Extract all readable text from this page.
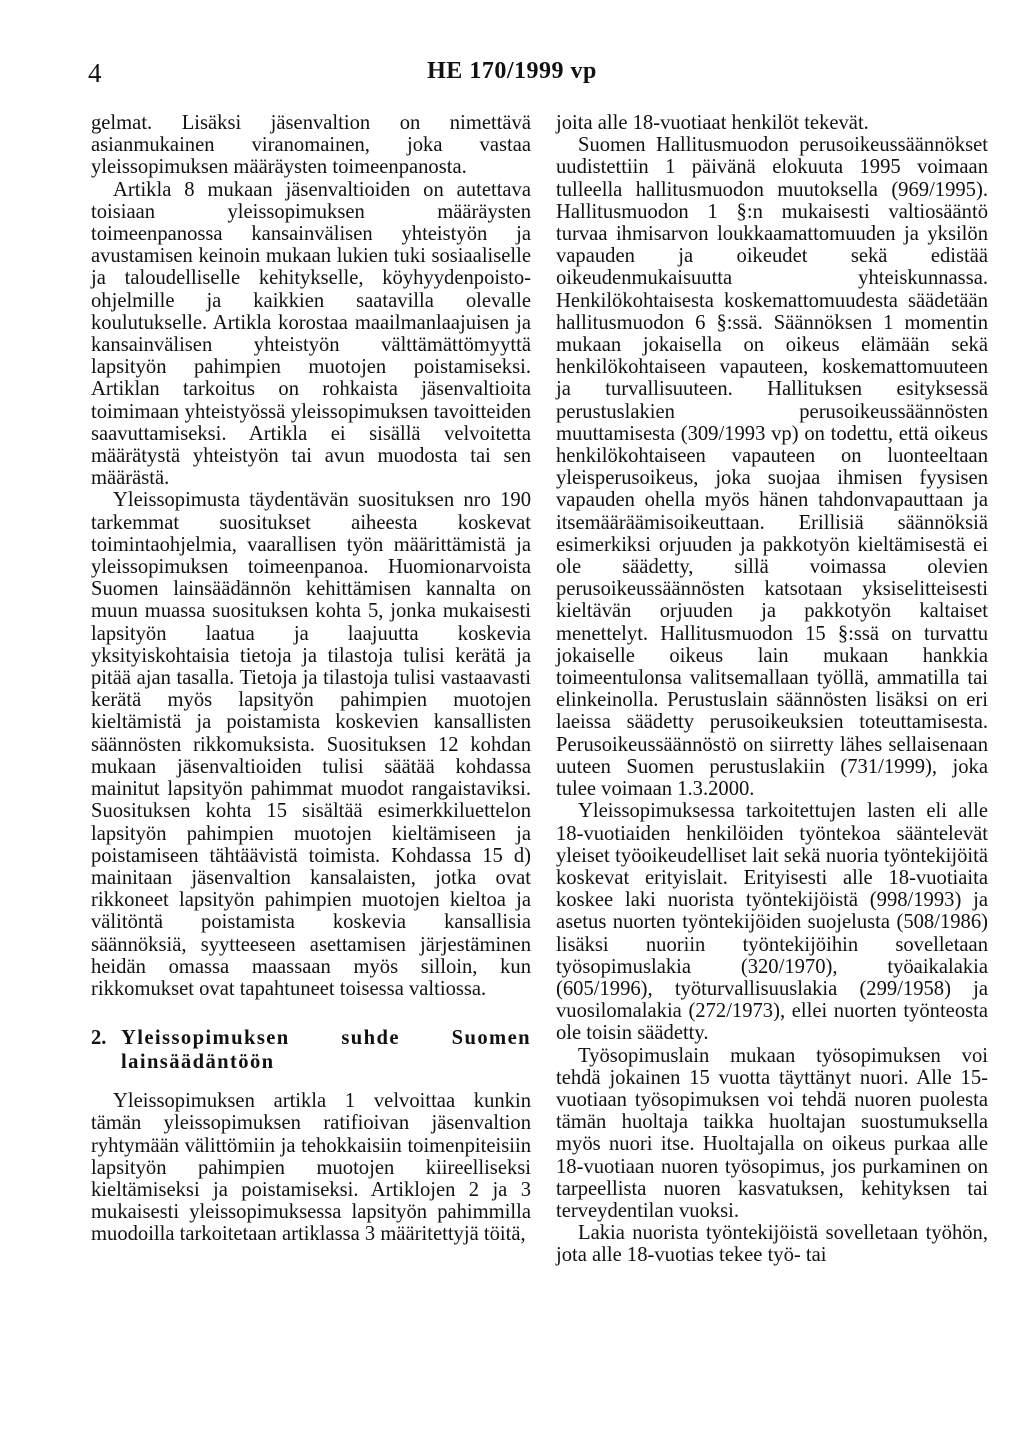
4	HE 170/1999 vp

gelmat. Lisäksi jäsenvaltion on nimettävä asianmukainen viranomainen, joka vastaa yleissopimuksen määräysten toimeenpanosta.

Artikla 8 mukaan jäsenvaltioiden on autettava toisiaan yleissopimuksen määräysten toimeenpanossa kansainvälisen yhteistyön ja avustamisen keinoin mukaan lukien tuki sosiaaliselle ja taloudelliselle kehitykselle, köyhyydenpoisto-ohjelmille ja kaikkien saatavilla olevalle koulutukselle. Artikla korostaa maailmanlaajuisen ja kansainvälisen yhteistyön välttämättömyyttä lapsityön pahimpien muotojen poistamiseksi. Artiklan tarkoitus on rohkaista jäsenvaltioita toimimaan yhteistyössä yleissopimuksen tavoitteiden saavuttamiseksi. Artikla ei sisällä velvoitetta määrätystä yhteistyön tai avun muodosta tai sen määrästä.

Yleissopimusta täydentävän suosituksen nro 190 tarkemmat suositukset aiheesta koskevat toimintaohjelmia, vaarallisen työn määrittämistä ja yleissopimuksen toimeenpanoa. Huomionarvoista Suomen lainsäädännön kehittämisen kannalta on muun muassa suosituksen kohta 5, jonka mukaisesti lapsityön laatua ja laajuutta koskevia yksityiskohtaisia tietoja ja tilastoja tulisi kerätä ja pitää ajan tasalla. Tietoja ja tilastoja tulisi vastaavasti kerätä myös lapsityön pahimpien muotojen kieltämistä ja poistamista koskevien kansallisten säännösten rikkomuksista. Suosituksen 12 kohdan mukaan jäsenvaltioiden tulisi säätää kohdassa mainitut lapsityön pahimmat muodot rangaistaviksi. Suosituksen kohta 15 sisältää esimerkkiluettelon lapsityön pahimpien muotojen kieltämiseen ja poistamiseen tähtäävistä toimista. Kohdassa 15 d) mainitaan jäsenvaltion kansalaisten, jotka ovat rikkoneet lapsityön pahimpien muotojen kieltoa ja välitöntä poistamista koskevia kansallisia säännöksiä, syytteeseen asettamisen järjestäminen heidän omassa maassaan myös silloin, kun rikkomukset ovat tapahtuneet toisessa valtiossa.

2. Yleissopimuksen suhde Suomen lainsäädäntöön

Yleissopimuksen artikla 1 velvoittaa kunkin tämän yleissopimuksen ratifioivan jäsenvaltion ryhtymään välittömiin ja tehokkaisiin toimenpiteisiin lapsityön pahimpien muotojen kiireelliseksi kieltämiseksi ja poistamiseksi. Artiklojen 2 ja 3 mukaisesti yleissopimuksessa lapsityön pahimmilla muodoilla tarkoitetaan artiklassa 3 määritettyjä töitä,

joita alle 18-vuotiaat henkilöt tekevät.

Suomen Hallitusmuodon perusoikeussäännökset uudistettiin 1 päivänä elokuuta 1995 voimaan tulleella hallitusmuodon muutoksella (969/1995). Hallitusmuodon 1 §:n mukaisesti valtiosääntö turvaa ihmisarvon loukkaamattomuuden ja yksilön vapauden ja oikeudet sekä edistää oikeudenmukaisuutta yhteiskunnassa. Henkilökohtaisesta koskemattomuudesta säädetään hallitusmuodon 6 §:ssä. Säännöksen 1 momentin mukaan jokaisella on oikeus elämään sekä henkilökohtaiseen vapauteen, koskemattomuuteen ja turvallisuuteen. Hallituksen esityksessä perustuslakien perusoikeussäännösten muuttamisesta (309/1993 vp) on todettu, että oikeus henkilökohtaiseen vapauteen on luonteeltaan yleisperusoikeus, joka suojaa ihmisen fyysisen vapauden ohella myös hänen tahdonvapauttaan ja itsemääräämisoikeuttaan. Erillisiä säännöksiä esimerkiksi orjuuden ja pakkotyön kieltämisestä ei ole säädetty, sillä voimassa olevien perusoikeussäännösten katsotaan yksiselitteisesti kieltävän orjuuden ja pakkotyön kaltaiset menettelyt. Hallitusmuodon 15 §:ssä on turvattu jokaiselle oikeus lain mukaan hankkia toimeentulonsa valitsemallaan työllä, ammatilla tai elinkeinolla. Perustuslain säännösten lisäksi on eri laeissa säädetty perusoikeuksien toteuttamisesta. Perusoikeussäännöstö on siirretty lähes sellaisenaan uuteen Suomen perustuslakiin (731/1999), joka tulee voimaan 1.3.2000.

Yleissopimuksessa tarkoitettujen lasten eli alle 18-vuotiaiden henkilöiden työntekoa sääntelevät yleiset työoikeudelliset lait sekä nuoria työntekijöitä koskevat erityislait. Erityisesti alle 18-vuotiaita koskee laki nuorista työntekijöistä (998/1993) ja asetus nuorten työntekijöiden suojelusta (508/1986) lisäksi nuoriin työntekijöihin sovelletaan työsopimuslakia (320/1970), työaikalakia (605/1996), työturvallisuuslakia (299/1958) ja vuosilomalakia (272/1973), ellei nuorten työnteosta ole toisin säädetty.

Työsopimuslain mukaan työsopimuksen voi tehdä jokainen 15 vuotta täyttänyt nuori. Alle 15-vuotiaan työsopimuksen voi tehdä nuoren puolesta tämän huoltaja taikka huoltajan suostumuksella myös nuori itse. Huoltajalla on oikeus purkaa alle 18-vuotiaan nuoren työsopimus, jos purkaminen on tarpeellista nuoren kasvatuksen, kehityksen tai terveydentilan vuoksi.

Lakia nuorista työntekijöistä sovelletaan työhön, jota alle 18-vuotias tekee työ- tai
